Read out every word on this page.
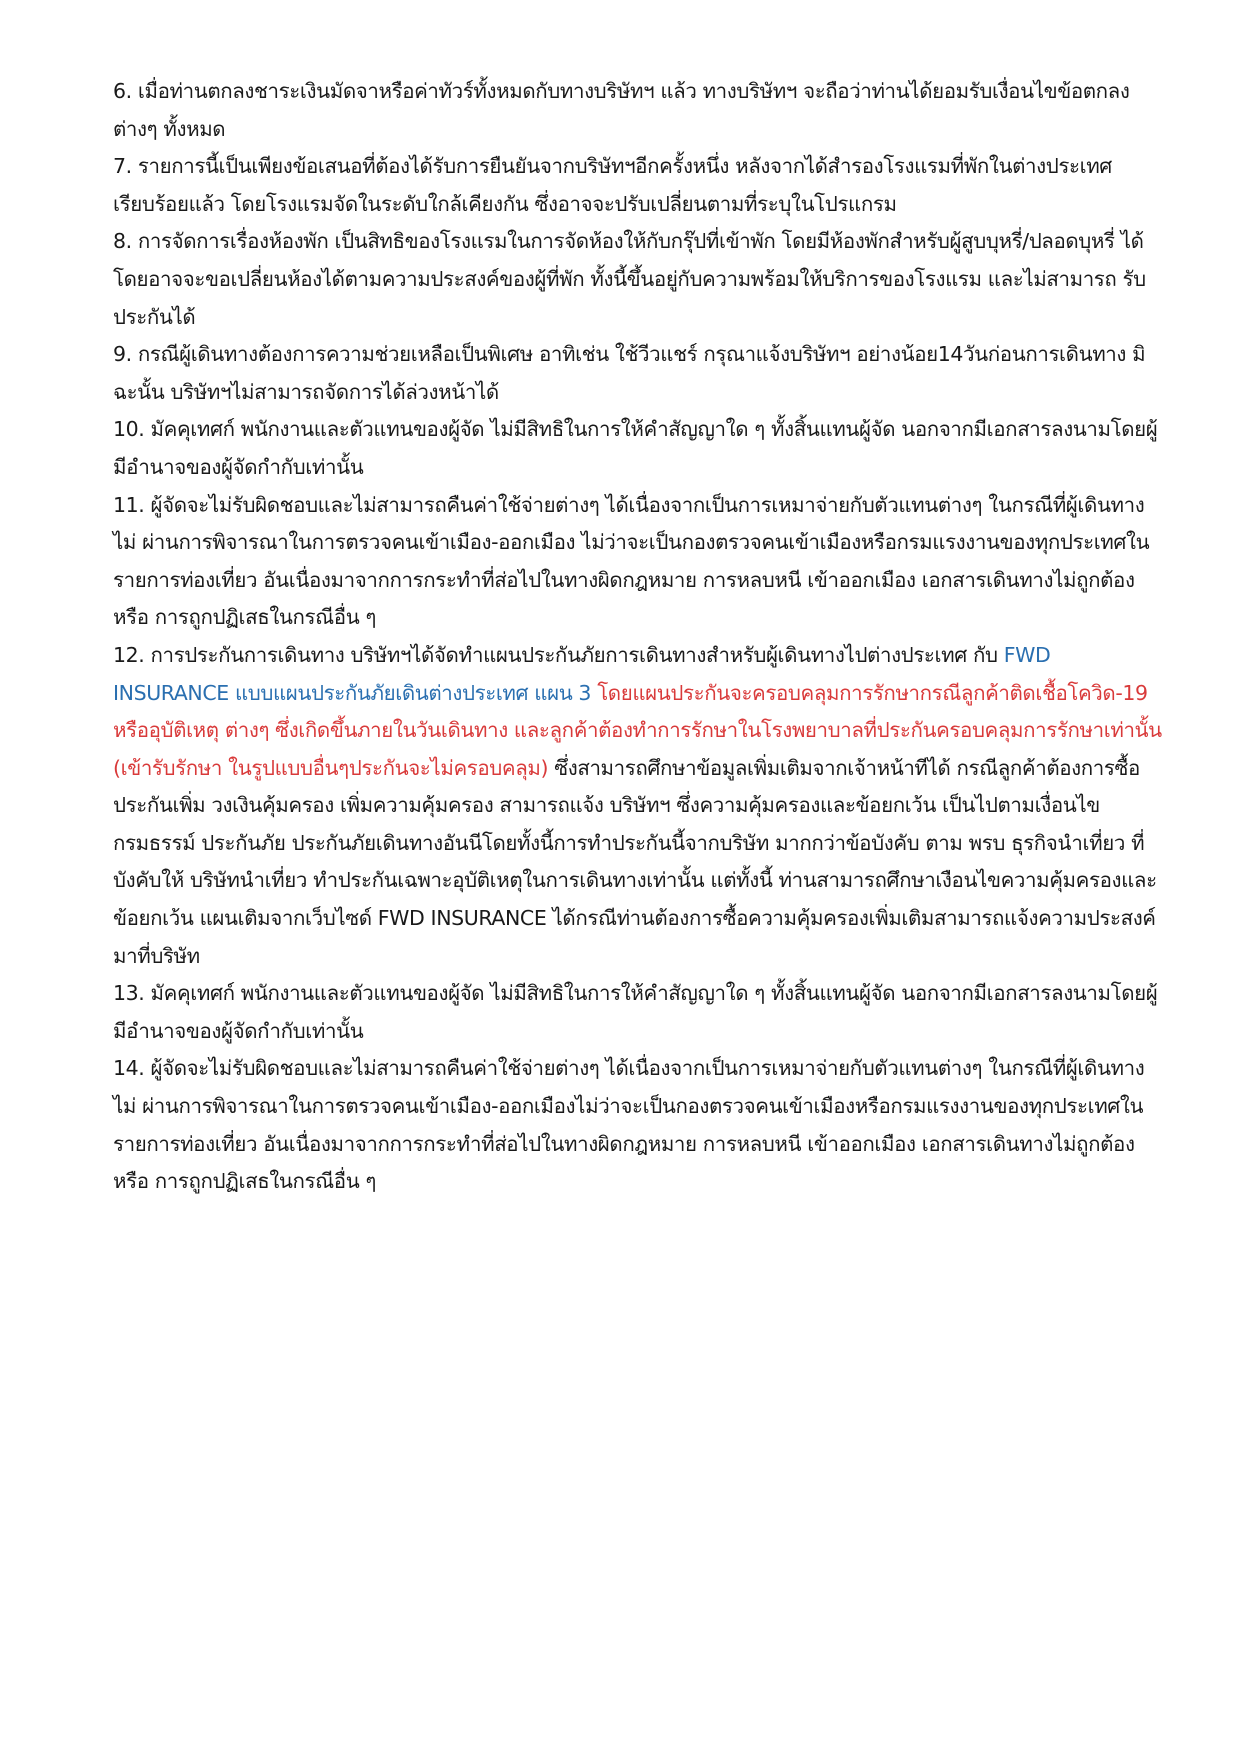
6. เมื่อท่านตกลงชาระเงินมัดจาหรือค่าทัวร์ทั้งหมดกับทางบริษัทฯ แล้ว ทางบริษัทฯ จะถือว่าท่านได้ยอมรับเงื่อนไขข้อตกลง ต่างๆ ทั้งหมด

7. รายการนี้เป็นเพียงข้อเสนอที่ต้องได้รับการยืนยันจากบริษัทฯอีกครั้งหนึ่ง หลังจากได้สำรองโรงแรมที่พักในต่างประเทศ เรียบร้อยแล้ว โดยโรงแรมจัดในระดับใกล้เคียงกัน ซึ่งอาจจะปรับเปลี่ยนตามที่ระบุในโปรแกรม

8. การจัดการเรื่องห้องพัก เป็นสิทธิของโรงแรมในการจัดห้องให้กับกรุ๊ปที่เข้าพัก โดยมีห้องพักสำหรับผู้สูบบุหรี่/ปลอดบุหรี่ ได้ โดยอาจจะขอเปลี่ยนห้องได้ตามความประสงค์ของผู้ที่พัก ทั้งนี้ขึ้นอยู่กับความพร้อมให้บริการของโรงแรม และไม่สามารถ รับประกันได้

9. กรณีผู้เดินทางต้องการความช่วยเหลือเป็นพิเศษ อาทิเช่น ใช้วีวแชร์ กรุณาแจ้งบริษัทฯ อย่างน้อย14วันก่อนการเดินทาง มิฉะนั้น บริษัทฯไม่สามารถจัดการได้ล่วงหน้าได้

10. มัคคุเทศก์ พนักงานและตัวแทนของผู้จัด ไม่มีสิทธิในการให้คำสัญญาใด ๆ ทั้งสิ้นแทนผู้จัด นอกจากมีเอกสารลงนามโดยผู้ มีอำนาจของผู้จัดกำกับเท่านั้น

11. ผู้จัดจะไม่รับผิดชอบและไม่สามารถคืนค่าใช้จ่ายต่างๆ ได้เนื่องจากเป็นการเหมาจ่ายกับตัวแทนต่างๆ ในกรณีที่ผู้เดินทางไม่ ผ่านการพิจารณาในการตรวจคนเข้าเมือง-ออกเมือง ไม่ว่าจะเป็นกองตรวจคนเข้าเมืองหรือกรมแรงงานของทุกประเทศใน รายการท่องเที่ยว อันเนื่องมาจากการกระทำที่ส่อไปในทางผิดกฎหมาย การหลบหนี เข้าออกเมือง เอกสารเดินทางไม่ถูกต้อง หรือ การถูกปฏิเสธในกรณีอื่น ๆ

12. การประกันการเดินทาง บริษัทฯได้จัดทำแผนประกันภัยการเดินทางสำหรับผู้เดินทางไปต่างประเทศ กับ FWD INSURANCE แบบแผนประกันภัยเดินต่างประเทศ แผน 3 โดยแผนประกันจะครอบคลุมการรักษากรณีลูกค้าติดเชื้อโควิด-19 หรืออุบัติเหตุ ต่างๆ ซึ่งเกิดขึ้นภายในวันเดินทาง และลูกค้าต้องทำการรักษาในโรงพยาบาลที่ประกันครอบคลุมการรักษาเท่านั้น (เข้ารับรักษา ในรูปแบบอื่นๆประกันจะไม่ครอบคลุม) ซึ่งสามารถศึกษาข้อมูลเพิ่มเติมจากเจ้าหน้าทีได้ กรณีลูกค้าต้องการซื้อประกันเพิ่ม วงเงินคุ้มครอง เพิ่มความคุ้มครอง สามารถแจ้ง บริษัทฯ ซึ่งความคุ้มครองและข้อยกเว้น เป็นไปตามเงื่อนไขกรมธรรม์ ประกันภัย ประกันภัยเดินทางอันนีโดยทั้งนี้การทำประกันนี้จากบริษัท มากกว่าข้อบังคับ ตาม พรบ ธุรกิจนำเที่ยว ที่บังคับให้ บริษัทนำเที่ยว ทำประกันเฉพาะอุบัติเหตุในการเดินทางเท่านั้น แต่ทั้งนี้ ท่านสามารถศึกษาเงือนไขความคุ้มครองและข้อยกเว้น แผนเติมจากเว็บไซด์ FWD INSURANCE ได้กรณีท่านต้องการซื้อความคุ้มครองเพิ่มเติมสามารถแจ้งความประสงค์มาที่บริษัท

13. มัคคุเทศก์ พนักงานและตัวแทนของผู้จัด ไม่มีสิทธิในการให้คำสัญญาใด ๆ ทั้งสิ้นแทนผู้จัด นอกจากมีเอกสารลงนามโดยผู้ มีอำนาจของผู้จัดกำกับเท่านั้น

14. ผู้จัดจะไม่รับผิดชอบและไม่สามารถคืนค่าใช้จ่ายต่างๆ ได้เนื่องจากเป็นการเหมาจ่ายกับตัวแทนต่างๆ ในกรณีที่ผู้เดินทางไม่ ผ่านการพิจารณาในการตรวจคนเข้าเมือง-ออกเมืองไม่ว่าจะเป็นกองตรวจคนเข้าเมืองหรือกรมแรงงานของทุกประเทศใน รายการท่องเที่ยว อันเนื่องมาจากการกระทำที่ส่อไปในทางผิดกฎหมาย การหลบหนี เข้าออกเมือง เอกสารเดินทางไม่ถูกต้อง หรือ การถูกปฏิเสธในกรณีอื่น ๆ
